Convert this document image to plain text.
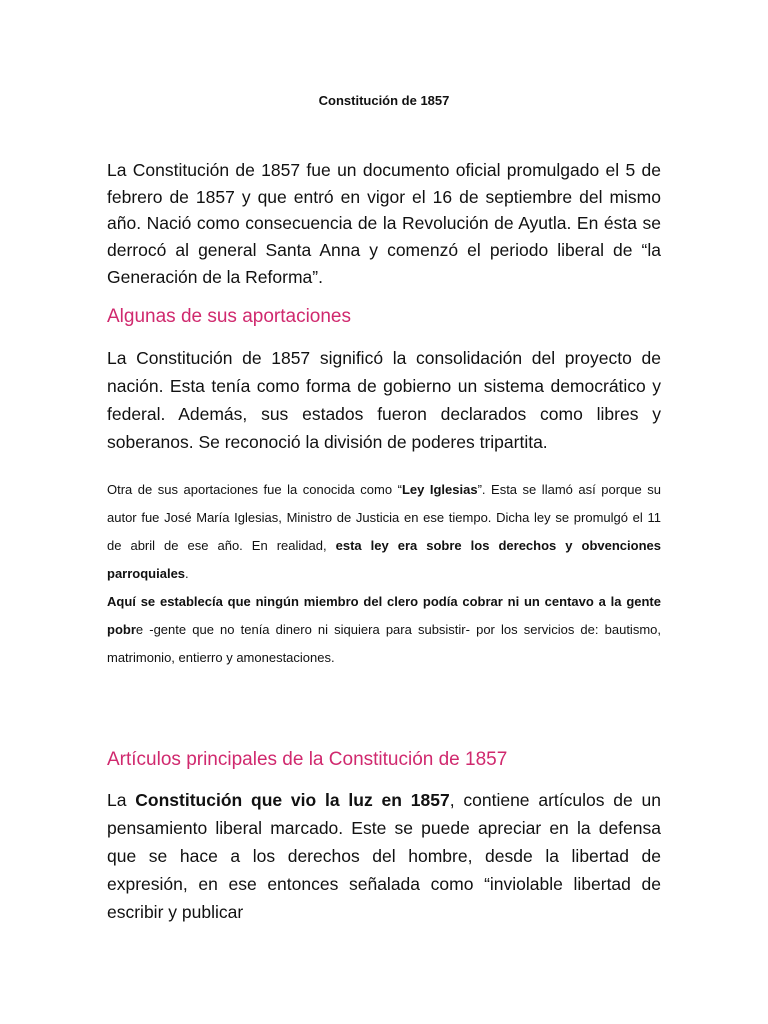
Constitución de 1857

La Constitución de 1857 fue un documento oficial promulgado el 5 de febrero de 1857 y que entró en vigor el 16 de septiembre del mismo año. Nació como consecuencia de la Revolución de Ayutla. En ésta se derrocó al general Santa Anna y comenzó el periodo liberal de “la Generación de la Reforma”.

Algunas de sus aportaciones

La Constitución de 1857 significó la consolidación del proyecto de nación. Esta tenía como forma de gobierno un sistema democrático y federal. Además, sus estados fueron declarados como libres y soberanos. Se reconoció la división de poderes tripartita.

Otra de sus aportaciones fue la conocida como “Ley Iglesias”. Esta se llamó así porque su autor fue José María Iglesias, Ministro de Justicia en ese tiempo. Dicha ley se promulgó el 11 de abril de ese año. En realidad, esta ley era sobre los derechos y obvenciones parroquiales.
Aquí se establecía que ningún miembro del clero podía cobrar ni un centavo a la gente pobre -gente que no tenía dinero ni siquiera para subsistir- por los servicios de: bautismo, matrimonio, entierro y amonestaciones.

Artículos principales de la Constitución de 1857

La Constitución que vio la luz en 1857, contiene artículos de un pensamiento liberal marcado. Este se puede apreciar en la defensa que se hace a los derechos del hombre, desde la libertad de expresión, en ese entonces señalada como “inviolable libertad de escribir y publicar
